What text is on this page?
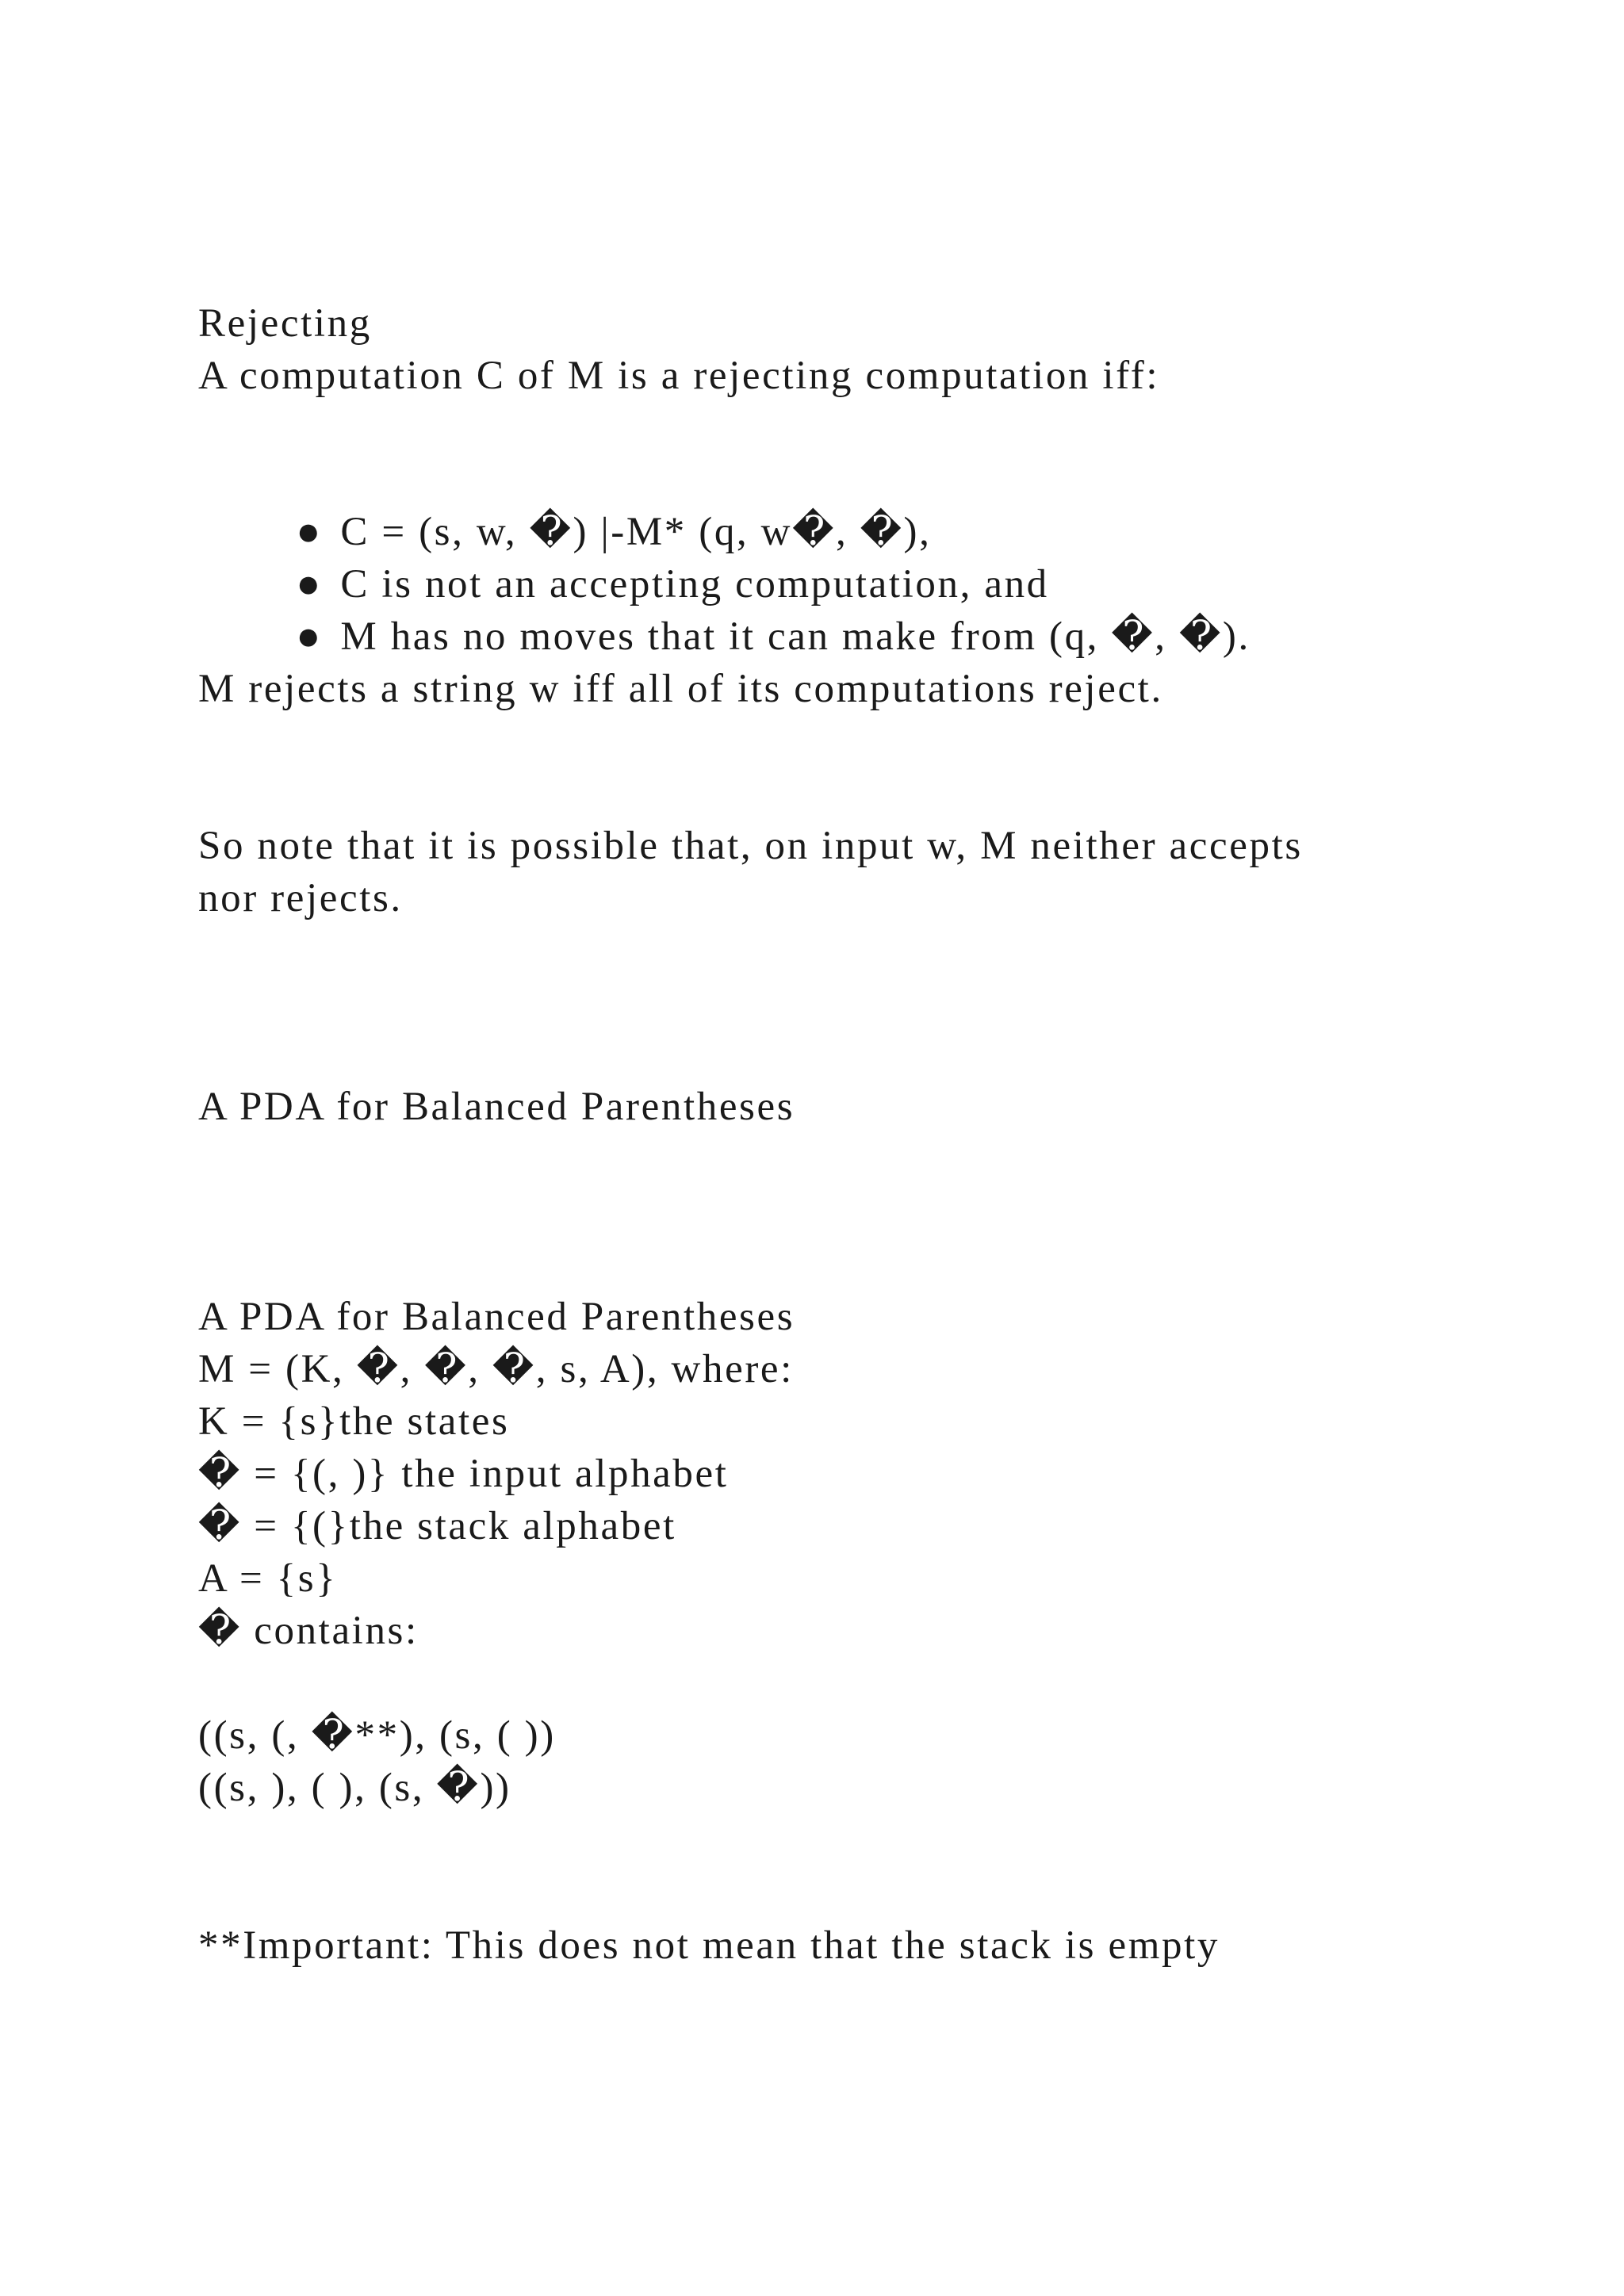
Rejecting
A computation C of M is a rejecting computation iff:

● C = (s, w, �) |-M* (q, w�, �),

● C is not an accepting computation, and

● M has no moves that it can make from (q, �, �).

M rejects a string w iff all of its computations reject.
So note that it is possible that, on input w, M neither accepts
nor rejects.
A PDA for Balanced Parentheses
A PDA for Balanced Parentheses
M = (K, �, �, �, s, A), where:
K = {s}the states
� = {(, )} the input alphabet
� = {(}the stack alphabet
A = {s}
� contains:
((s, (, �**), (s, ( ))
((s, ), ( ), (s, �))
**Important: This does not mean that the stack is empty
